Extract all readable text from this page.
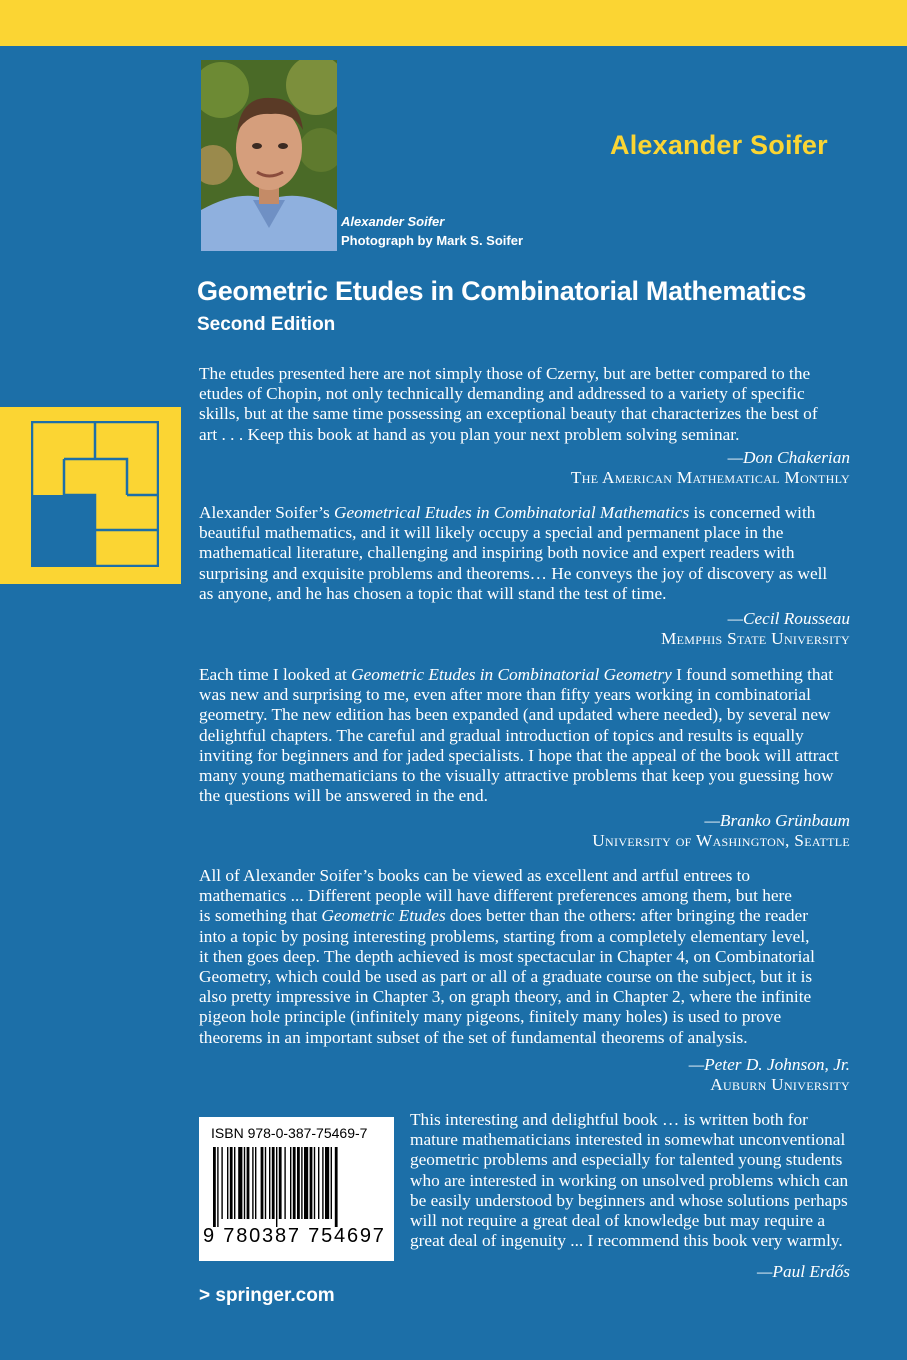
Alexander Soifer
Photograph by Mark S. Soifer
Alexander Soifer
Geometric Etudes in Combinatorial Mathematics
Second Edition

The etudes presented here are not simply those of Czerny, but are better compared to the

etudes of Chopin, not only technically demanding and addressed to a variety of specific

skills, but at the same time possessing an exceptional beauty that characterizes the best of

art . . . Keep this book at hand as you plan your next problem solving seminar.

—Don Chakerian
The American Mathematical Monthly

Alexander Soifer’s Geometrical Etudes in Combinatorial Mathematics is concerned with

beautiful mathematics, and it will likely occupy a special and permanent place in the

mathematical literature, challenging and inspiring both novice and expert readers with

surprising and exquisite problems and theorems… He conveys the joy of discovery as well

as anyone, and he has chosen a topic that will stand the test of time.

—Cecil Rousseau
Memphis State University

Each time I looked at Geometric Etudes in Combinatorial Geometry I found something that

was new and surprising to me, even after more than fifty years working in combinatorial

geometry. The new edition has been expanded (and updated where needed), by several new

delightful chapters. The careful and gradual introduction of topics and results is equally

inviting for beginners and for jaded specialists. I hope that the appeal of the book will attract

many young mathematicians to the visually attractive problems that keep you guessing how

the questions will be answered in the end.

—Branko Grünbaum
University of Washington, Seattle

All of Alexander Soifer’s books can be viewed as excellent and artful entrees to

mathematics ... Different people will have different preferences among them, but here

is something that Geometric Etudes does better than the others: after bringing the reader

into a topic by posing interesting problems, starting from a completely elementary level,

it then goes deep. The depth achieved is most spectacular in Chapter 4, on Combinatorial

Geometry, which could be used as part or all of a graduate course on the subject, but it is

also pretty impressive in Chapter 3, on graph theory, and in Chapter 2, where the infinite

pigeon hole principle (infinitely many pigeons, finitely many holes) is used to prove

theorems in an important subset of the set of fundamental theorems of analysis.

—Peter D. Johnson, Jr.
Auburn University
ISBN 978-0-387-75469-7
9 780387 754697

This interesting and delightful book … is written both for

mature mathematicians interested in somewhat unconventional

geometric problems and especially for talented young students

who are interested in working on unsolved problems which can

be easily understood by beginners and whose solutions perhaps

will not require a great deal of knowledge but may require a

great deal of ingenuity ... I recommend this book very warmly.

—Paul Erdős
> springer.com
